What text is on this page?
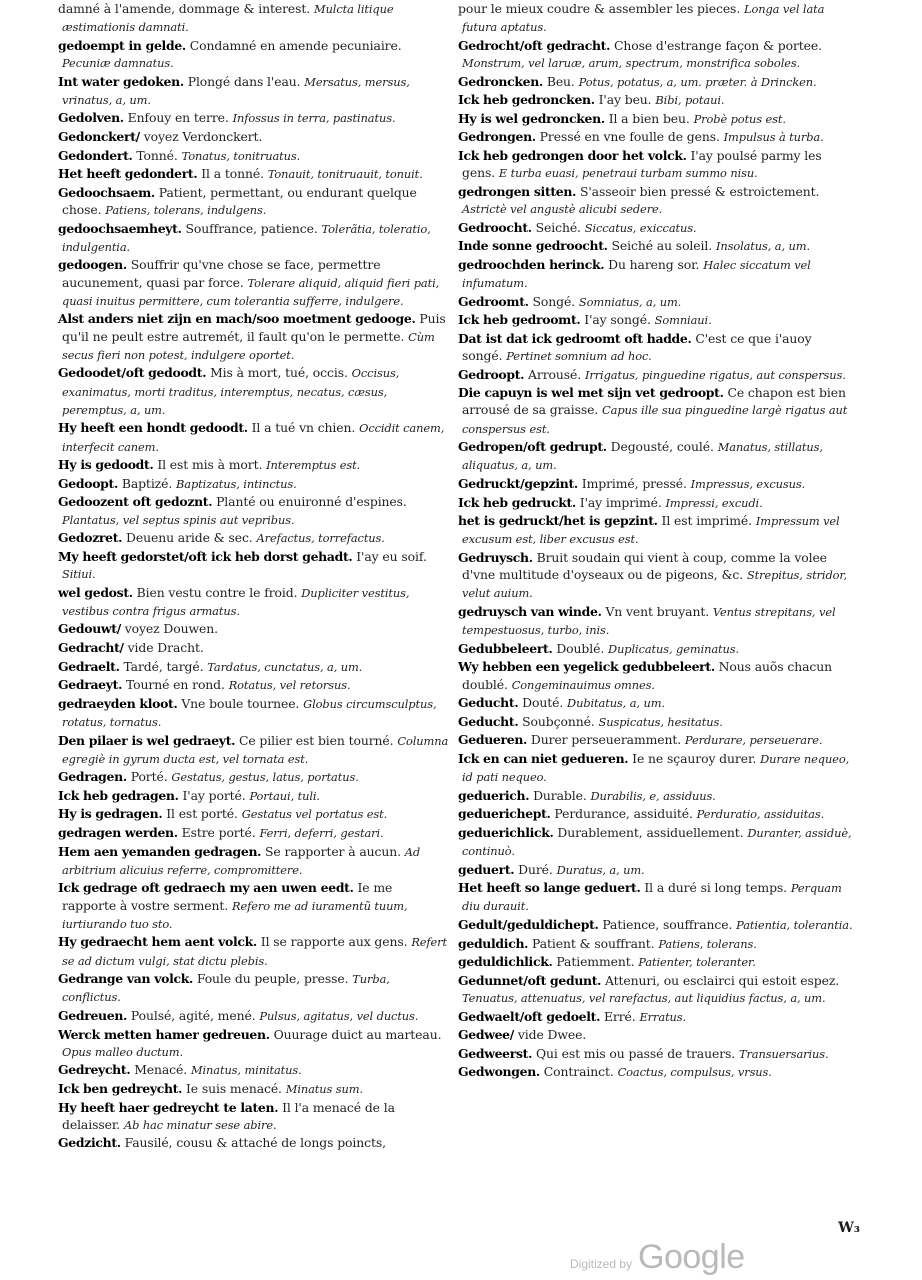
damné à l'amende, dommage & interest. Mulcta litique æstimationis damnati.
gedoempt in gelde. Condamné en amende pecuniaire. Pecuniæ damnatus.
Int water gedoken. Plongé dans l'eau. Mersatus, mersus, vrinatus, a, um.
Gedolven. Enfouy en terre. Infossus in terra, pastinatus.
Gedonckert/ voyez Verdonckert.
Gedondert. Tonné. Tonatus, tonitruatus.
Het heeft gedondert. Il a tonné. Tonauit, tonitruauit, tonuit.
Gedoochsaem. Patient, permettant, ou endurant quelque chose. Patiens, tolerans, indulgens.
gedoochsaemheyt. Souffrance, patience. Tolerãtia, toleratio, indulgentia.
gedoogen. Souffrir qu'vne chose se face, permettre aucunement, quasi par force. Tolerare aliquid, aliquid fieri pati, quasi inuitus permittere, cum tolerantia sufferre, indulgere.
Alst anders niet zijn en mach/soo moetment gedooge. Puis qu'il ne peult estre autremét, il fault qu'on le permette. Cùm secus fieri non potest, indulgere oportet.
Gedoodet/oft gedoodt. Mis à mort, tué, occis. Occisus, exanimatus, morti traditus, interemptus, necatus, cæsus, peremptus, a, um.
Hy heeft een hondt gedoodt. Il a tué vn chien. Occidit canem, interfecit canem.
Hy is gedoodt. Il est mis à mort. Interemptus est.
Gedoopt. Baptizé. Baptizatus, intinctus.
Gedoozent oft gedoznt. Planté ou enuironné d'espines. Plantatus, vel septus spinis aut vepribus.
Gedozret. Deuenu aride & sec. Arefactus, torrefactus.
My heeft gedorstet/oft ick heb dorst gehadt. I'ay eu soif. Sitiui.
wel gedost. Bien vestu contre le froid. Dupliciter vestitus, vestibus contra frigus armatus.
Gedouwt/ voyez Douwen.
Gedracht/ vide Dracht.
Gedraelt. Tardé, targé. Tardatus, cunctatus, a, um.
Gedraeyt. Tourné en rond. Rotatus, vel retorsus.
gedraeyden kloot. Vne boule tournee. Globus circumsculptus, rotatus, tornatus.
Den pilaer is wel gedraeyt. Ce pilier est bien tourné. Columna egregiè in gyrum ducta est, vel tornata est.
Gedragen. Porté. Gestatus, gestus, latus, portatus.
Ick heb gedragen. I'ay porté. Portaui, tuli.
Hy is gedragen. Il est porté. Gestatus vel portatus est.
gedragen werden. Estre porté. Ferri, deferri, gestari.
Hem aen yemanden gedragen. Se rapporter à aucun. Ad arbitrium alicuius referre, compromittere.
Ick gedrage oft gedraech my aen uwen eedt. Ie me rapporte à vostre serment. Refero me ad iuramentũ tuum, iurtiurando tuo sto.
Hy gedraecht hem aent volck. Il se rapporte aux gens. Refert se ad dictum vulgi, stat dictu plebis.
Gedrange van volck. Foule du peuple, presse. Turba, conflictus.
Gedreuen. Poulsé, agité, mené. Pulsus, agitatus, vel ductus.
Werck metten hamer gedreuen. Ouurage duict au marteau. Opus malleo ductum.
Gedreycht. Menacé. Minatus, minitatus.
Ick ben gedreycht. Ie suis menacé. Minatus sum.
Hy heeft haer gedreycht te laten. Il l'a menacé de la delaisser. Ab hac minatur sese abire.
Gedzicht. Fausilé, cousu & attaché de longs poincts,
pour le mieux coudre & assembler les pieces. Longa vel lata futura aptatus.
Gedrocht/oft gedracht. Chose d'estrange façon & portee. Monstrum, vel laruæ, arum, spectrum, monstrifica soboles.
Gedroncken. Beu. Potus, potatus, a, um. præter. à Drincken.
Ick heb gedroncken. I'ay beu. Bibi, potaui.
Hy is wel gedroncken. Il a bien beu. Probè potus est.
Gedrongen. Pressé en vne foulle de gens. Impulsus à turba.
Ick heb gedrongen door het volck. I'ay poulsé parmy les gens. E turba euasi, penetraui turbam summo nisu.
gedrongen sitten. S'asseoir bien pressé & estroictement. Astrictè vel angustè alicubi sedere.
Gedroocht. Seiché. Siccatus, exiccatus.
Inde sonne gedroocht. Seiché au soleil. Insolatus, a, um.
gedroochden herinck. Du hareng sor. Halec siccatum vel infumatum.
Gedroomt. Songé. Somniatus, a, um.
Ick heb gedroomt. I'ay songé. Somniaui.
Dat ist dat ick gedroomt oft hadde. C'est ce que i'auoy songé. Pertinet somnium ad hoc.
Gedroopt. Arrousé. Irrigatus, pinguedine rigatus, aut conspersus.
Die capuyn is wel met sijn vet gedroopt. Ce chapon est bien arrousé de sa graisse. Capus ille sua pinguedine largè rigatus aut conspersus est.
Gedropen/oft gedrupt. Degousté, coulé. Manatus, stillatus, aliquatus, a, um.
Gedruckt/gepzint. Imprimé, pressé. Impressus, excusus.
Ick heb gedruckt. I'ay imprimé. Impressi, excudi.
het is gedruckt/het is gepzint. Il est imprimé. Impressum vel excusum est, liber excusus est.
Gedruysch. Bruit soudain qui vient à coup, comme la volee d'vne multitude d'oyseaux ou de pigeons, &c. Strepitus, stridor, velut auium.
gedruysch van winde. Vn vent bruyant. Ventus strepitans, vel tempestuosus, turbo, inis.
Gedubbeleert. Doublé. Duplicatus, geminatus.
Wy hebben een yegelick gedubbeleert. Nous auõs chacun doublé. Congeminauimus omnes.
Geducht. Douté. Dubitatus, a, um.
Geducht. Soubçonné. Suspicatus, hesitatus.
Gedueren. Durer perseueramment. Perdurare, perseuerare.
Ick en can niet gedueren. Ie ne sçauroy durer. Durare nequeo, id pati nequeo.
geduerich. Durable. Durabilis, e, assiduus.
geduerichept. Perdurance, assiduité. Perduratio, assiduitas.
geduerichlick. Durablement, assiduellement. Duranter, assiduè, continuò.
geduert. Duré. Duratus, a, um.
Het heeft so lange geduert. Il a duré si long temps. Perquam diu durauit.
Gedult/geduldichept. Patience, souffrance. Patientia, tolerantia.
geduldich. Patient & souffrant. Patiens, tolerans.
geduldichlick. Patiemment. Patienter, toleranter.
Gedunnet/oft gedunt. Attenuri, ou esclairci qui estoit espez. Tenuatus, attenuatus, vel rarefactus, aut liquidius factus, a, um.
Gedwaelt/oft gedoelt. Erré. Erratus.
Gedwee/ vide Dwee.
Gedweerst. Qui est mis ou passé de trauers. Transuersarius.
Gedwongen. Contrainct. Coactus, compulsus, vrsus.
W₃
Digitized by Google
